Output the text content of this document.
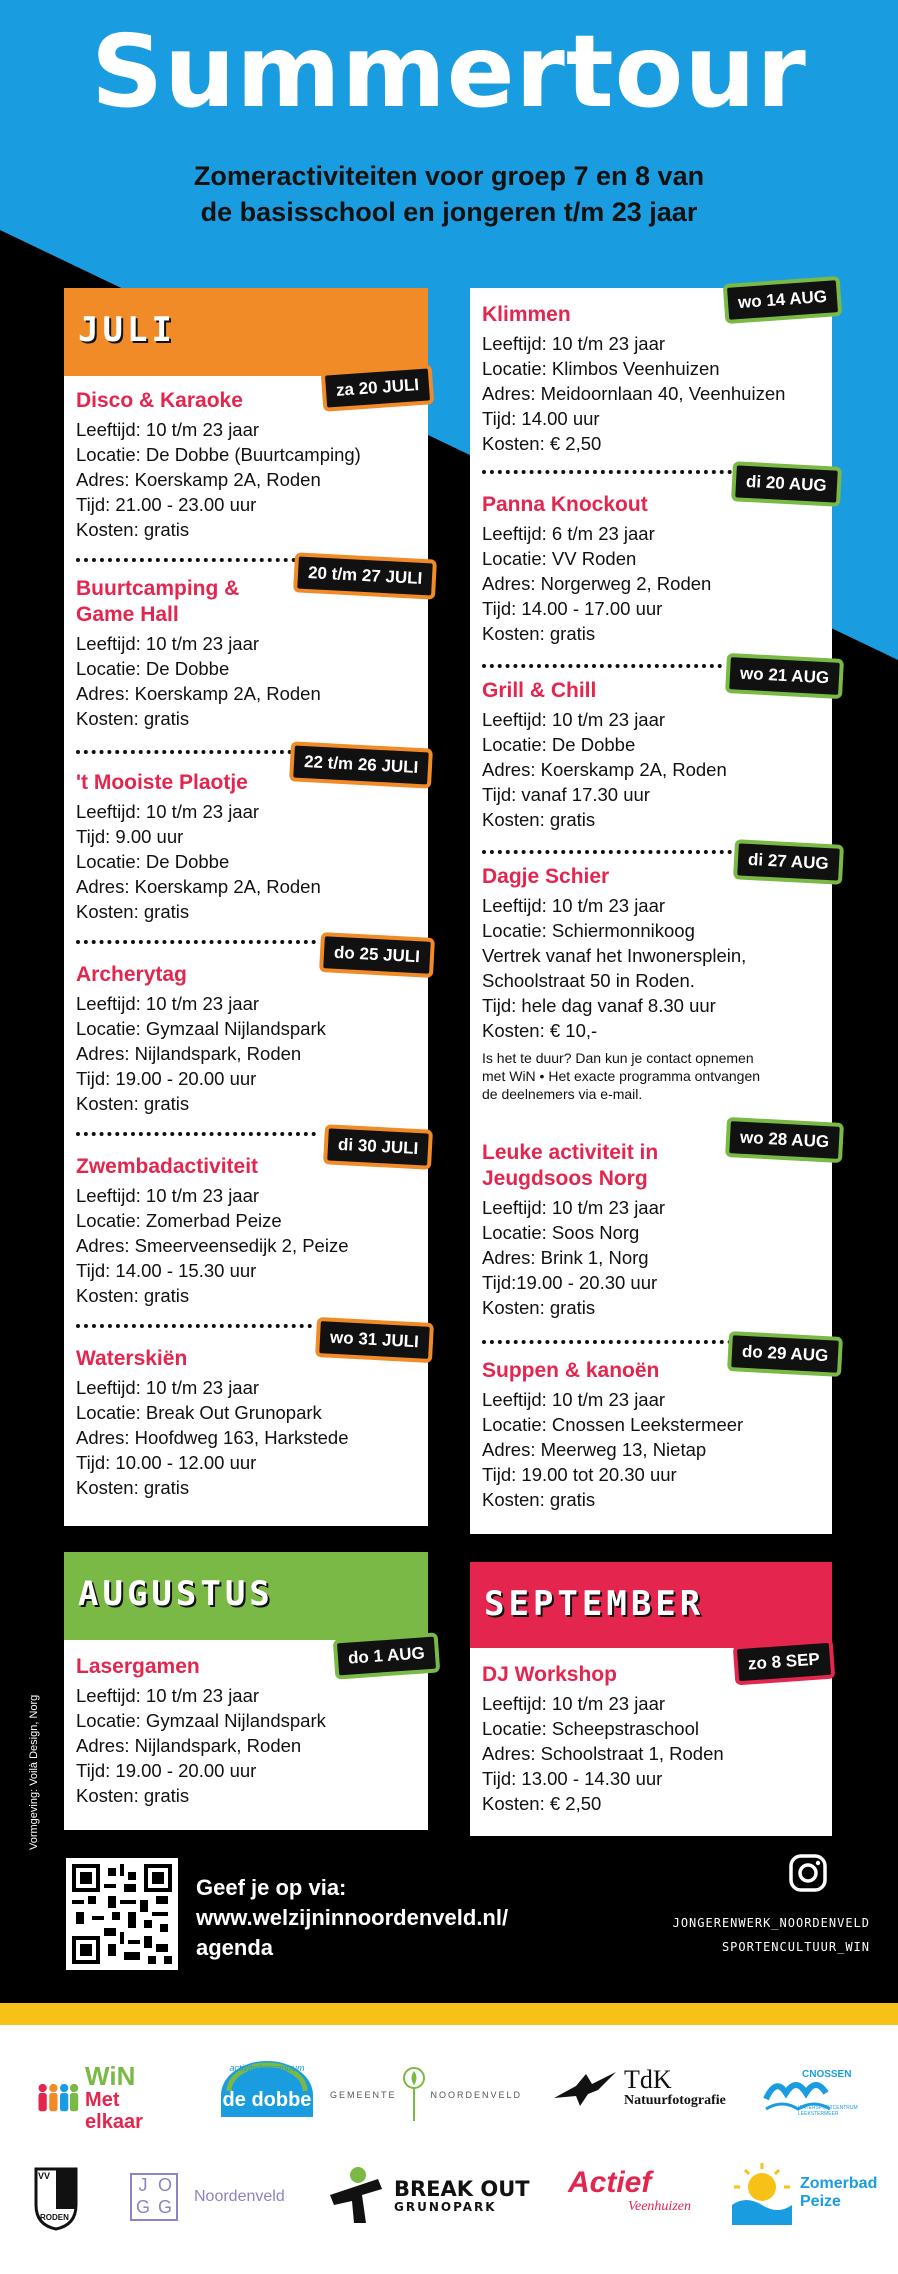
Summertour
Zomeractiviteiten voor groep 7 en 8 van
de basisschool en jongeren t/m 23 jaar
JULI
Disco & Karaoke
Leeftijd: 10 t/m 23 jaar
Locatie: De Dobbe (Buurtcamping)
Adres: Koerskamp 2A, Roden
Tijd: 21.00 - 23.00 uur
Kosten: gratis
za 20 JULI
Buurtcamping &
Game Hall
Leeftijd: 10 t/m 23 jaar
Locatie: De Dobbe
Adres: Koerskamp 2A, Roden
Kosten: gratis
20 t/m 27 JULI
't Mooiste Plaotje
Leeftijd: 10 t/m 23 jaar
Tijd: 9.00 uur
Locatie: De Dobbe
Adres: Koerskamp 2A, Roden
Kosten: gratis
22 t/m 26 JULI
Archerytag
Leeftijd: 10 t/m 23 jaar
Locatie: Gymzaal Nijlandspark
Adres: Nijlandspark, Roden
Tijd: 19.00 - 20.00 uur
Kosten: gratis
do 25 JULI
Zwembadactiviteit
Leeftijd: 10 t/m 23 jaar
Locatie: Zomerbad Peize
Adres: Smeerveensedijk 2, Peize
Tijd: 14.00 - 15.30 uur
Kosten: gratis
di 30 JULI
Waterskiën
Leeftijd: 10 t/m 23 jaar
Locatie: Break Out Grunopark
Adres: Hoofdweg 163, Harkstede
Tijd: 10.00 - 12.00 uur
Kosten: gratis
wo 31 JULI
Klimmen
Leeftijd: 10 t/m 23 jaar
Locatie: Klimbos Veenhuizen
Adres: Meidoornlaan 40, Veenhuizen
Tijd: 14.00 uur
Kosten: € 2,50
wo 14 AUG
Panna Knockout
Leeftijd: 6 t/m 23 jaar
Locatie: VV Roden
Adres: Norgerweg 2, Roden
Tijd: 14.00 - 17.00 uur
Kosten: gratis
di 20 AUG
Grill & Chill
Leeftijd: 10 t/m 23 jaar
Locatie: De Dobbe
Adres: Koerskamp 2A, Roden
Tijd: vanaf 17.30 uur
Kosten: gratis
wo 21 AUG
Dagje Schier
Leeftijd: 10 t/m 23 jaar
Locatie: Schiermonnikoog
Vertrek vanaf het Inwonersplein,
Schoolstraat 50 in Roden.
Tijd: hele dag vanaf 8.30 uur
Kosten: € 10,-
Is het te duur? Dan kun je contact opnemen
met WiN • Het exacte programma ontvangen
de deelnemers via e-mail.
di 27 AUG
Leuke activiteit in
Jeugdsoos Norg
Leeftijd: 10 t/m 23 jaar
Locatie: Soos Norg
Adres: Brink 1, Norg
Tijd:19.00 - 20.30 uur
Kosten: gratis
wo 28 AUG
Suppen & kanoën
Leeftijd: 10 t/m 23 jaar
Locatie: Cnossen Leekstermeer
Adres: Meerweg 13, Nietap
Tijd: 19.00 tot 20.30 uur
Kosten: gratis
do 29 AUG
AUGUSTUS
Lasergamen
Leeftijd: 10 t/m 23 jaar
Locatie: Gymzaal Nijlandspark
Adres: Nijlandspark, Roden
Tijd: 19.00 - 20.00 uur
Kosten: gratis
do 1 AUG
SEPTEMBER
DJ Workshop
Leeftijd: 10 t/m 23 jaar
Locatie: Scheepstraschool
Adres: Schoolstraat 1, Roden
Tijd: 13.00 - 14.30 uur
Kosten: € 2,50
zo 8 SEP
Vormgeving: Voilà Design, Norg
Geef je op via:
www.welzijninnoordenveld.nl/
agenda
JONGERENWERK_NOORDENVELD
SPORTENCULTUUR_WIN
WiN
Met elkaar
activiteitencentrum
de dobbe GEMEENTE	NOORDENVELD
TdK
Natuurfotografie
CNOSSEN
WATERSPORTCENTRUM LEEKSTERMEER
VV
RODEN
J O
G G
Noordenveld	BREAK OUT
GRUNOPARK
Actief
Veenhuizen
Zomerbad
Peize
